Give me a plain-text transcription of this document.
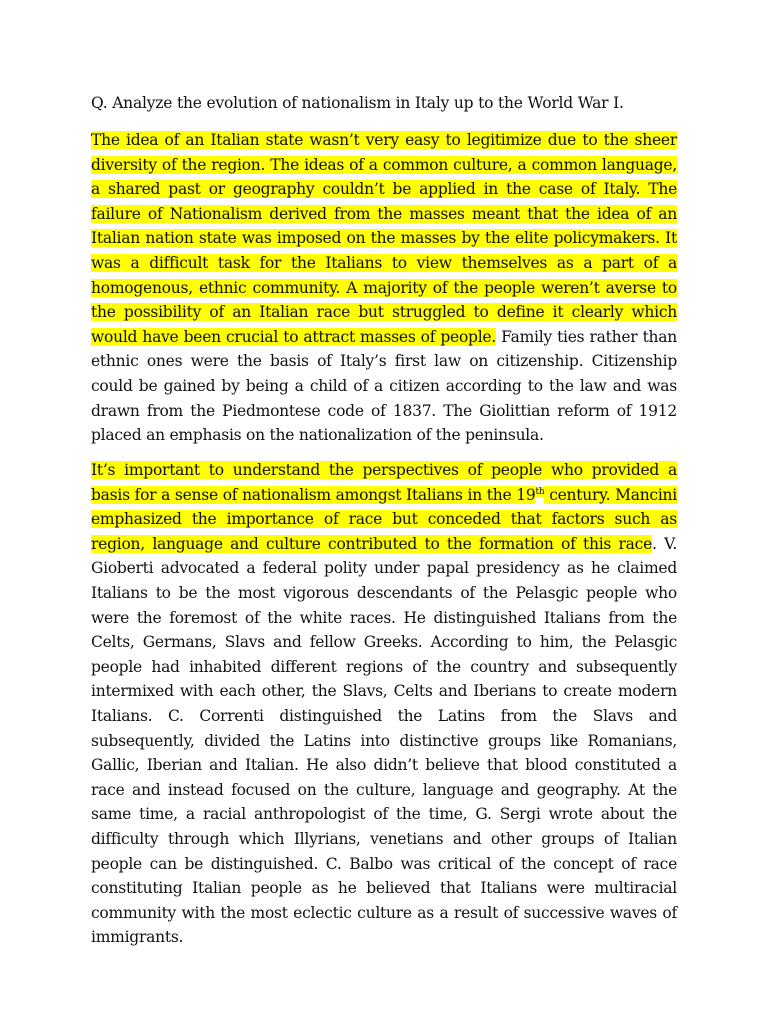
Q. Analyze the evolution of nationalism in Italy up to the World War I.

The idea of an Italian state wasn’t very easy to legitimize due to the sheer diversity of the region. The ideas of a common culture, a common language, a shared past or geography couldn’t be applied in the case of Italy. The failure of Nationalism derived from the masses meant that the idea of an Italian nation state was imposed on the masses by the elite policymakers. It was a difficult task for the Italians to view themselves as a part of a homogenous, ethnic community. A majority of the people weren’t averse to the possibility of an Italian race but struggled to define it clearly which would have been crucial to attract masses of people. Family ties rather than ethnic ones were the basis of Italy’s first law on citizenship. Citizenship could be gained by being a child of a citizen according to the law and was drawn from the Piedmontese code of 1837. The Giolittian reform of 1912 placed an emphasis on the nationalization of the peninsula.

It’s important to understand the perspectives of people who provided a basis for a sense of nationalism amongst Italians in the 19th century. Mancini emphasized the importance of race but conceded that factors such as region, language and culture contributed to the formation of this race. V. Gioberti advocated a federal polity under papal presidency as he claimed Italians to be the most vigorous descendants of the Pelasgic people who were the foremost of the white races. He distinguished Italians from the Celts, Germans, Slavs and fellow Greeks. According to him, the Pelasgic people had inhabited different regions of the country and subsequently intermixed with each other, the Slavs, Celts and Iberians to create modern Italians. C. Correnti distinguished the Latins from the Slavs and subsequently, divided the Latins into distinctive groups like Romanians, Gallic, Iberian and Italian. He also didn’t believe that blood constituted a race and instead focused on the culture, language and geography. At the same time, a racial anthropologist of the time, G. Sergi wrote about the difficulty through which Illyrians, venetians and other groups of Italian people can be distinguished. C. Balbo was critical of the concept of race constituting Italian people as he believed that Italians were multiracial community with the most eclectic culture as a result of successive waves of immigrants.
